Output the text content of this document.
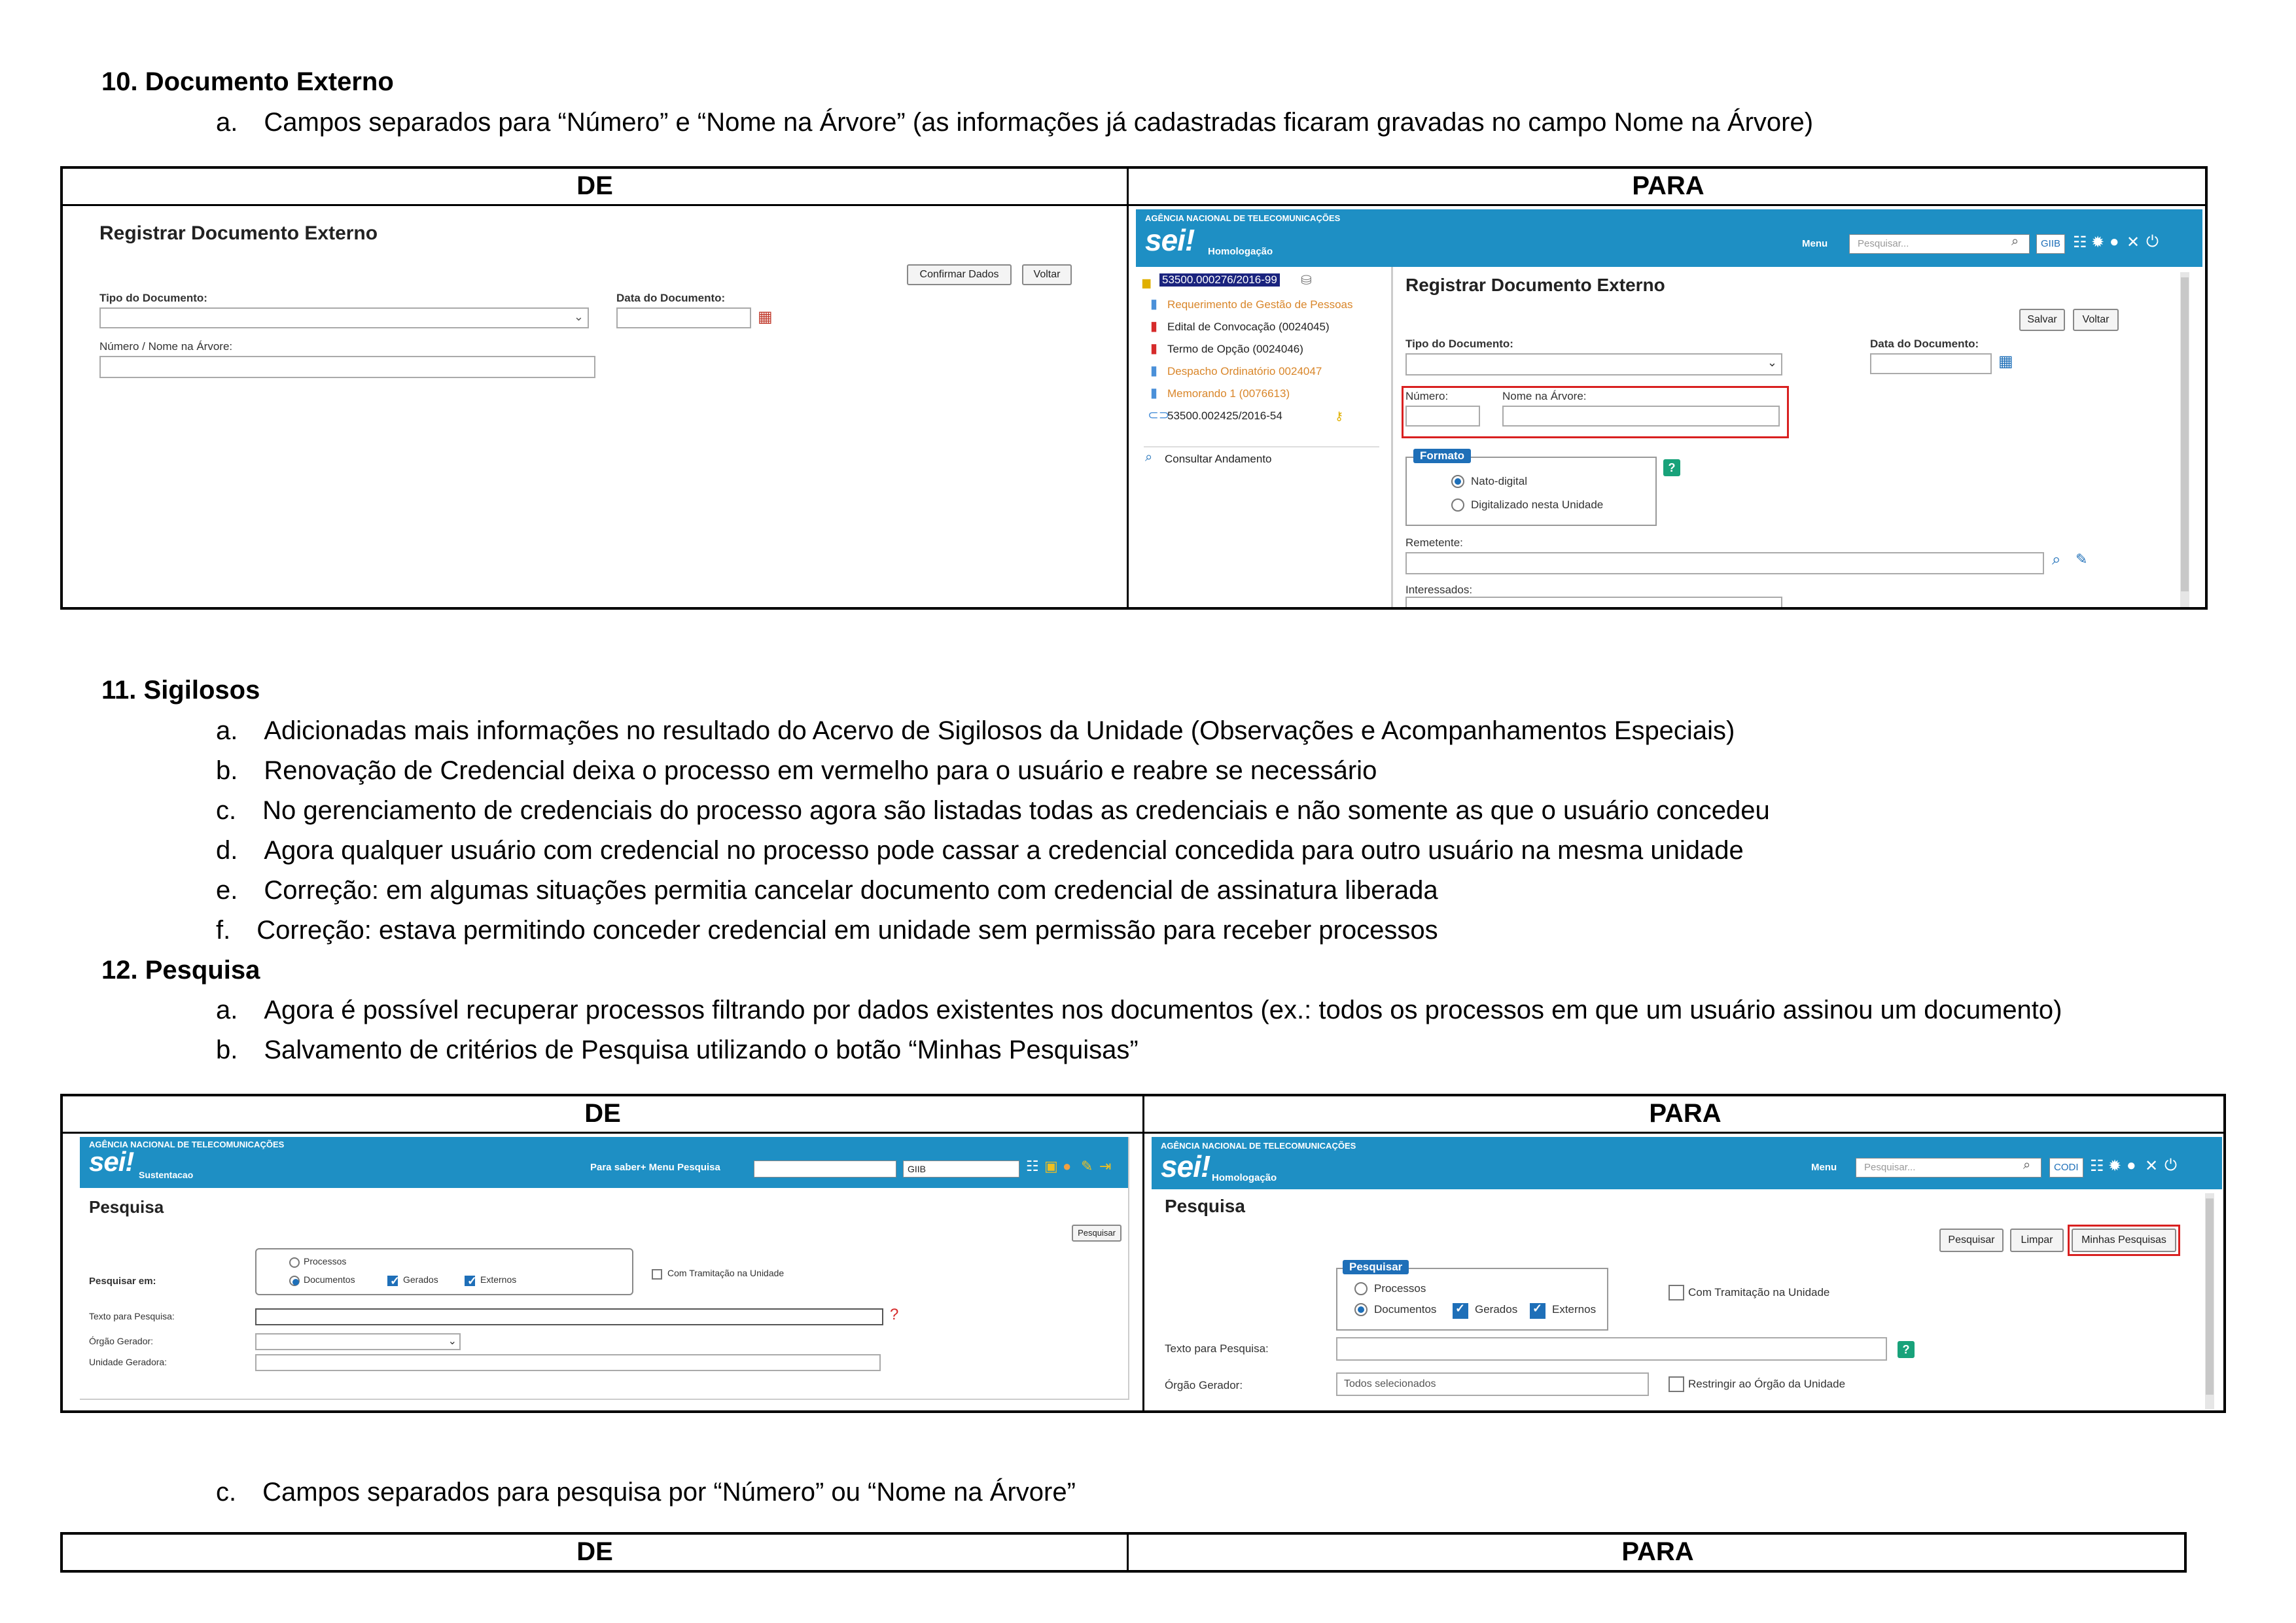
10. Documento Externo
a. Campos separados para “Número” e “Nome na Árvore” (as informações já cadastradas ficaram gravadas no campo Nome na Árvore)
DE	PARA
Registrar Documento Externo
Confirmar Dados	Voltar
Tipo do Documento:
⌄
Data do Documento:
▦
Número / Nome na Árvore:
AGÊNCIA NACIONAL DE TELECOMUNICAÇÕES
sei! Homologação
Menu	Pesquisar...	⌕	GIIB ☷ ✹ ● ✕ ⏻
▆ 53500.000276/2016-99 ⛁
Requerimento de Gestão de Pessoas
Edital de Convocação (0024045)
Termo de Opção (0024046)
Despacho Ordinatório 0024047
Memorando 1 (0076613)
53500.002425/2016-54
▮
▮
▮
▮
▮
⊂⊃	⚷
⌕ Consultar Andamento
Registrar Documento Externo
Salvar	Voltar
Tipo do Documento:
⌄
Data do Documento:
▦
Número:	Nome na Árvore:
Formato
?
Nato-digital
Digitalizado nesta Unidade
Remetente:
⌕ ✎
Interessados:
11. Sigilosos
a. Adicionadas mais informações no resultado do Acervo de Sigilosos da Unidade (Observações e Acompanhamentos Especiais)
b. Renovação de Credencial deixa o processo em vermelho para o usuário e reabre se necessário
c. No gerenciamento de credenciais do processo agora são listadas todas as credenciais e não somente as que o usuário concedeu
d. Agora qualquer usuário com credencial no processo pode cassar a credencial concedida para outro usuário na mesma unidade
e. Correção: em algumas situações permitia cancelar documento com credencial de assinatura liberada
f. Correção: estava permitindo conceder credencial em unidade sem permissão para receber processos
12. Pesquisa
a. Agora é possível recuperar processos filtrando por dados existentes nos documentos (ex.: todos os processos em que um usuário assinou um documento)
b. Salvamento de critérios de Pesquisa utilizando o botão “Minhas Pesquisas”
DE	PARA
AGÊNCIA NACIONAL DE TELECOMUNICAÇÕES
sei! Sustentacao
Para saber+ Menu Pesquisa	GIIB	☷ ▣ ● ✎ ⇥
Pesquisa
Pesquisar
Pesquisar em:
Processos
Documentos ✓	Gerados ✓	Externos
Com Tramitação na Unidade
Texto para Pesquisa:	?
Órgão Gerador:	⌄
Unidade Geradora:
AGÊNCIA NACIONAL DE TELECOMUNICAÇÕES
sei! Homologação
Menu	Pesquisar...	⌕	CODI ☷ ✹ ● ✕ ⏻
Pesquisa
Pesquisar	Limpar	Minhas Pesquisas
Pesquisar
Processos
Documentos ✓	Gerados ✓	Externos
Com Tramitação na Unidade
Texto para Pesquisa:	?
Órgão Gerador:	Todos selecionados	Restringir ao Órgão da Unidade
c. Campos separados para pesquisa por “Número” ou “Nome na Árvore”
DE	PARA
